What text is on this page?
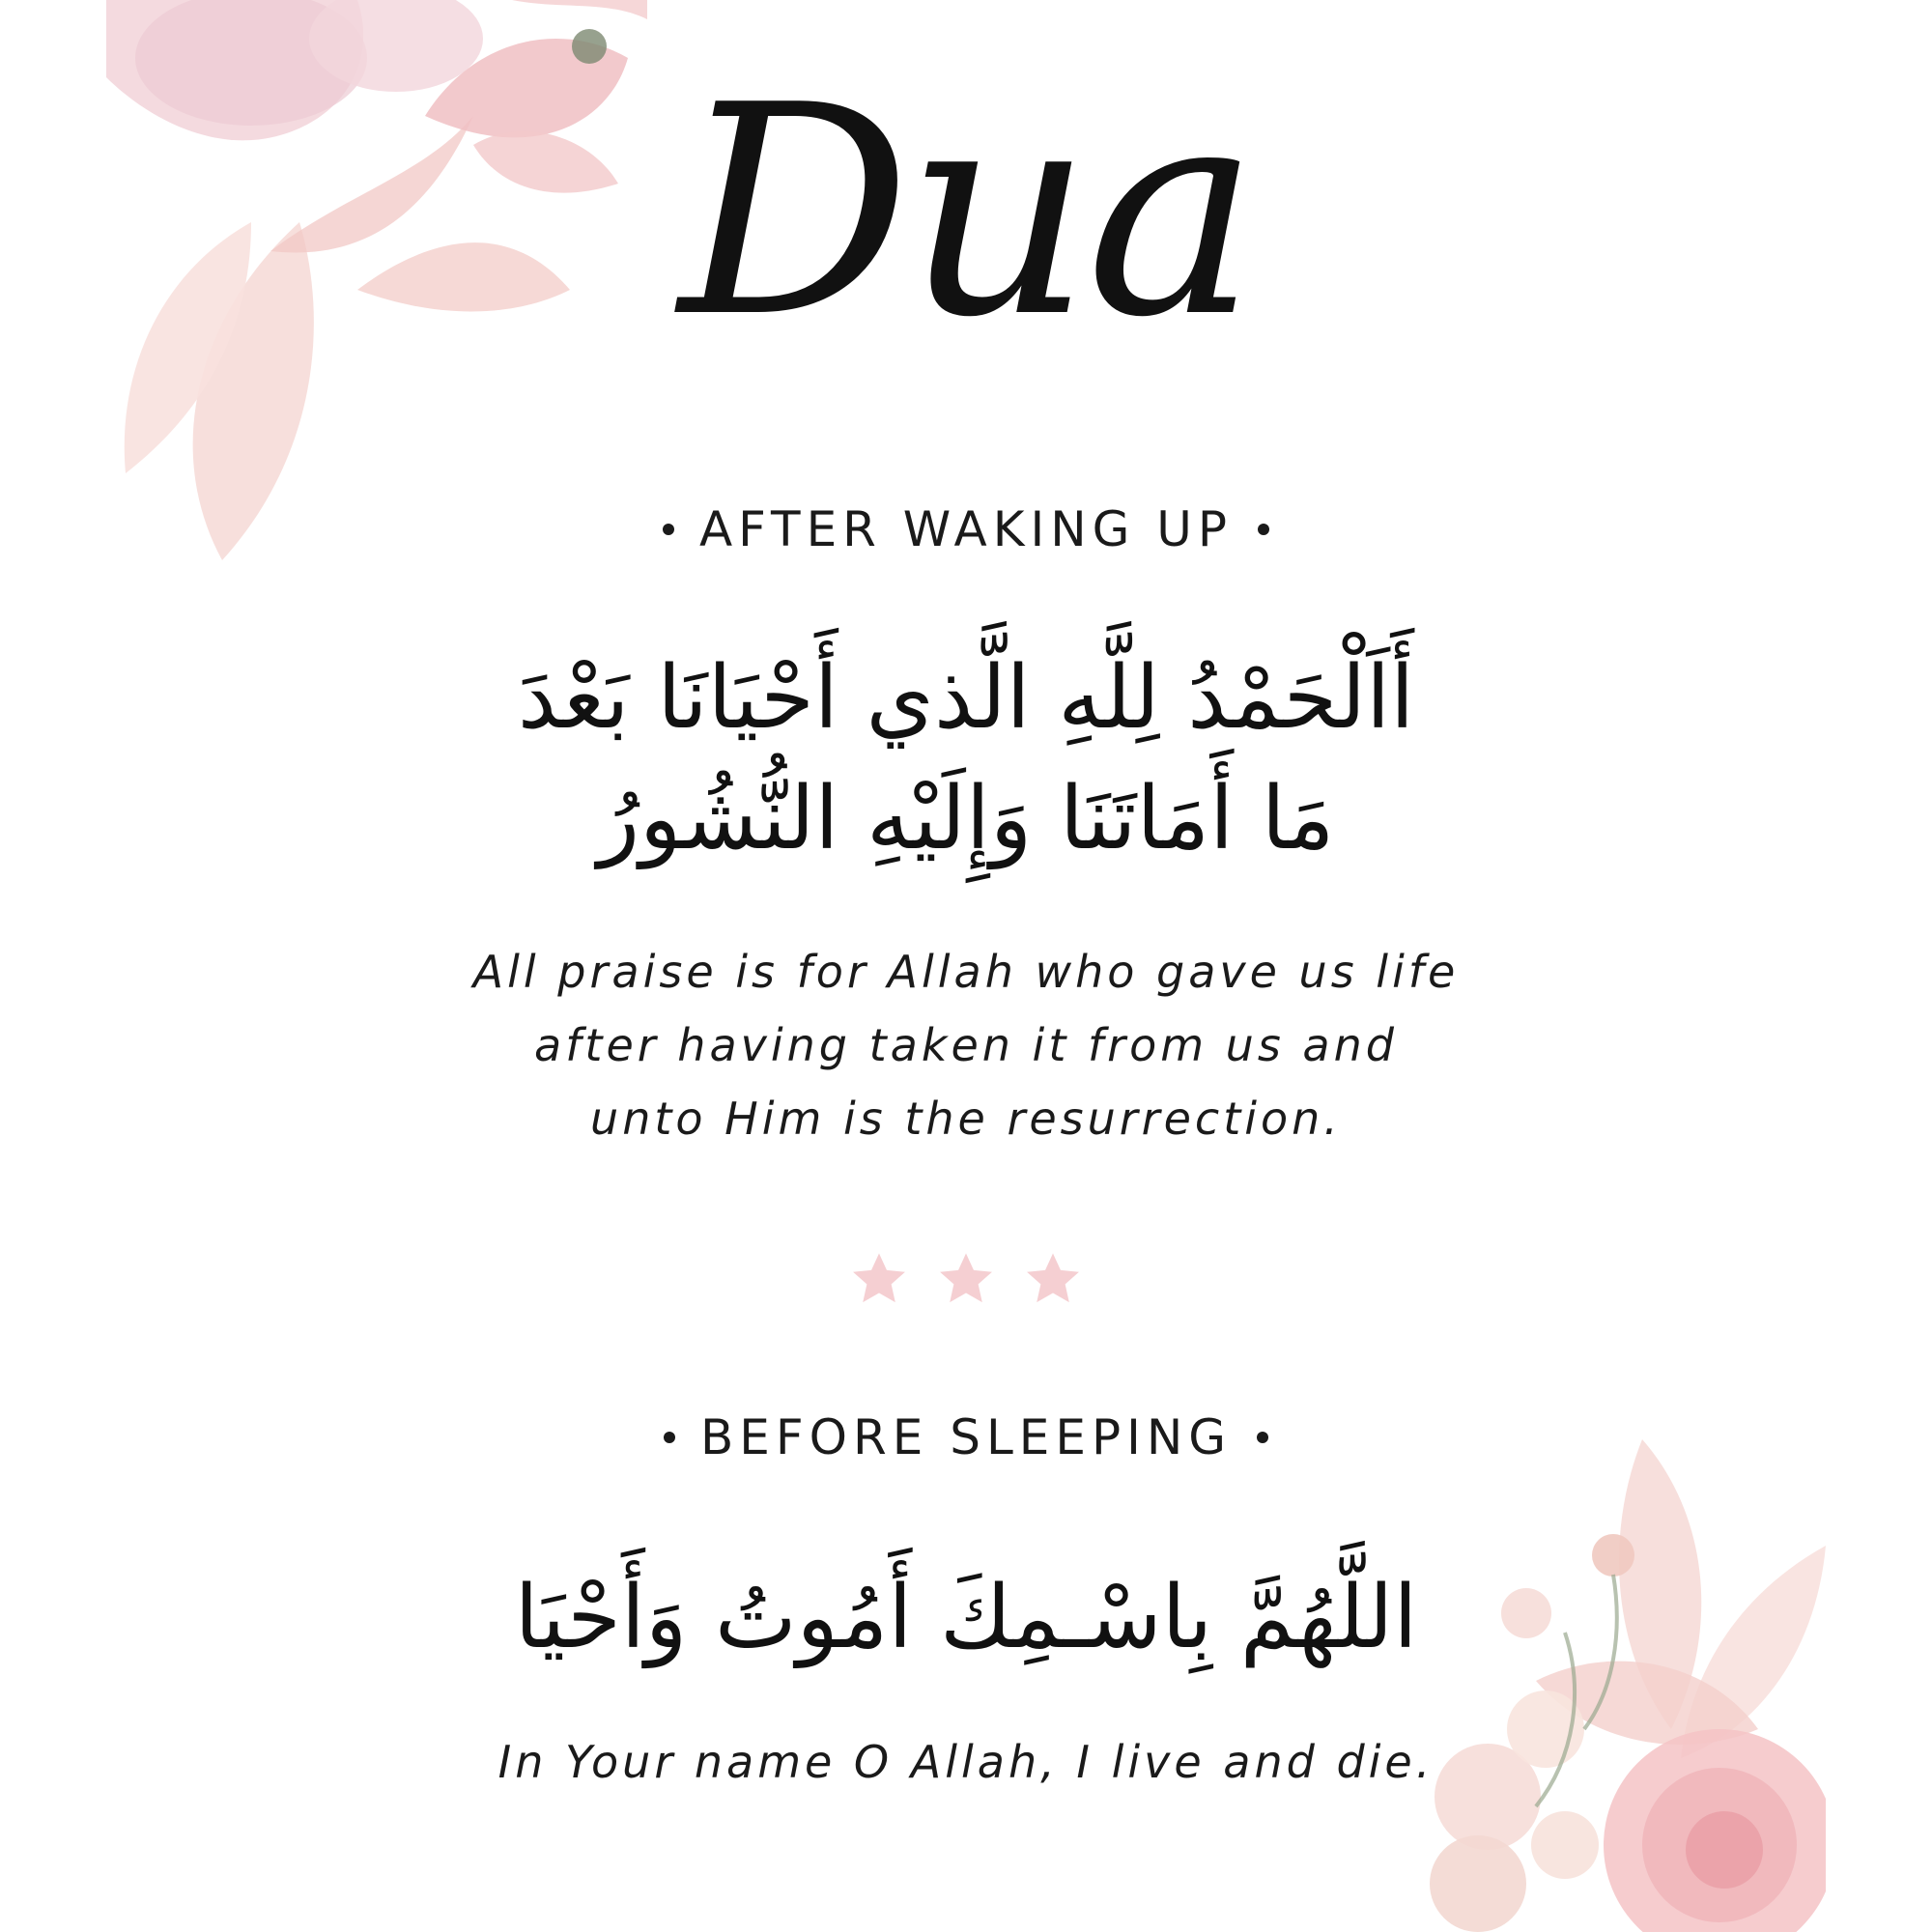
Dua
AFTER WAKING UP
أَاَلْحَمْدُ لِلَّهِ الَّذي أَحْيَانَا بَعْدَ
مَا أَمَاتَنَا وَإِلَيْهِ النُّشُورُ
All praise is for Allah who gave us life
after having taken it from us and
unto Him is the resurrection.

BEFORE SLEEPING
اللَّهُمَّ بِاسْـمِكَ أَمُوتُ وَأَحْيَا
In Your name O Allah, I live and die.
